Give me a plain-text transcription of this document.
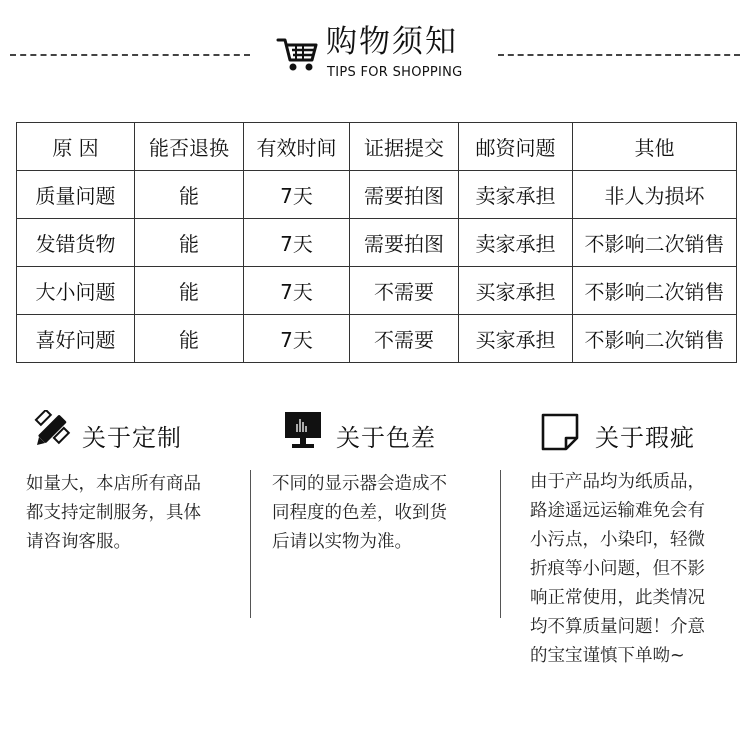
购物须知
TIPS FOR SHOPPING
原 因	能否退换	有效时间	证据提交	邮资问题	其他
质量问题	能	7天	需要拍图	卖家承担	非人为损坏
发错货物	能	7天	需要拍图	卖家承担	不影响二次销售
大小问题	能	7天	不需要	买家承担	不影响二次销售
喜好问题	能	7天	不需要	买家承担	不影响二次销售
关于定制
如量大，本店所有商品
都支持定制服务，具体
请咨询客服。
关于色差
不同的显示器会造成不
同程度的色差，收到货
后请以实物为准。
关于瑕疵
由于产品均为纸质品，
路途遥远运输难免会有
小污点，小染印，轻微
折痕等小问题，但不影
响正常使用，此类情况
均不算质量问题！介意
的宝宝谨慎下单呦~
